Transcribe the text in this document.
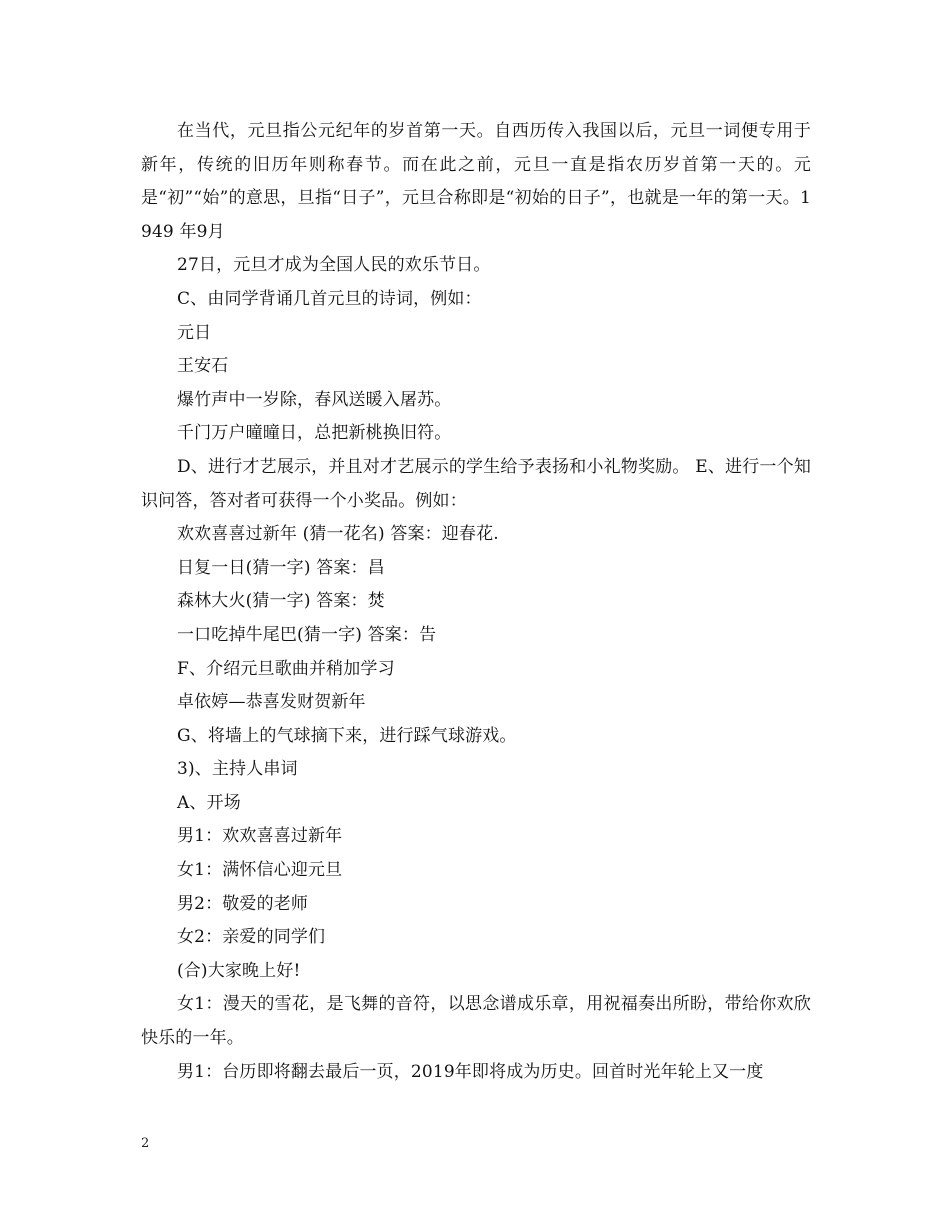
在当代，元旦指公元纪年的岁首第一天。自西历传入我国以后，元旦一词便专用于新年，传统的旧历年则称春节。而在此之前，元旦一直是指农历岁首第一天的。元是“初”“始”的意思，旦指“日子”，元旦合称即是“初始的日子”，也就是一年的第一天。1949 年9月

27日，元旦才成为全国人民的欢乐节日。

C、由同学背诵几首元旦的诗词，例如：

元日

王安石

爆竹声中一岁除，春风送暖入屠苏。

千门万户曈曈日，总把新桃换旧符。

D、进行才艺展示，并且对才艺展示的学生给予表扬和小礼物奖励。 E、进行一个知识问答，答对者可获得一个小奖品。例如：

欢欢喜喜过新年 (猜一花名) 答案：迎春花.

日复一日(猜一字) 答案：昌

森林大火(猜一字) 答案：焚

一口吃掉牛尾巴(猜一字) 答案：告

F、介绍元旦歌曲并稍加学习

卓依婷—恭喜发财贺新年

G、将墙上的气球摘下来，进行踩气球游戏。

3)、主持人串词

A、开场

男1：欢欢喜喜过新年

女1：满怀信心迎元旦

男2：敬爱的老师

女2：亲爱的同学们

(合)大家晚上好!

女1：漫天的雪花，是飞舞的音符，以思念谱成乐章，用祝福奏出所盼，带给你欢欣快乐的一年。

男1：台历即将翻去最后一页，2019年即将成为历史。回首时光年轮上又一度

2
